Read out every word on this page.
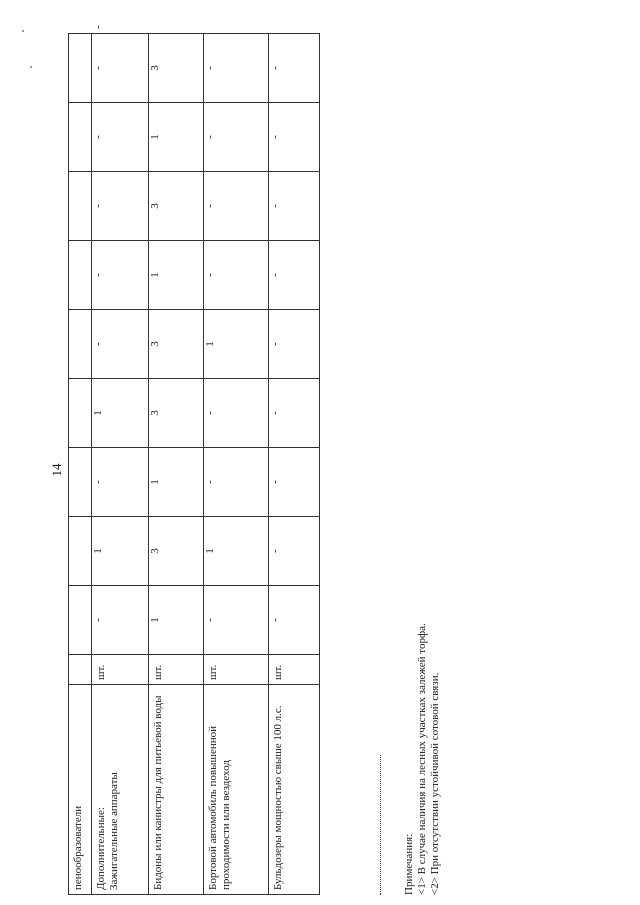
14
пенообразователи											
Дополнительные:
Зажигательные аппараты	шт.	-	1	-	1	-	-	-	-	-	-
Бидоны или канистры для питьевой воды	шт.	1	3	1	3	3	1	3	1	3	
Бортовой автомобиль повышенной проходимости или вездеход	шт.	-	1	-	-	1	-	-	-	-	
Бульдозеры мощностью свыше 100 л.с.	шт.	-	-	-	-	-	-	-	-	-	
Примечания: <1> В случае наличия на лесных участках залежей торфа. <2> При отсутствии устойчивой сотовой связи.
